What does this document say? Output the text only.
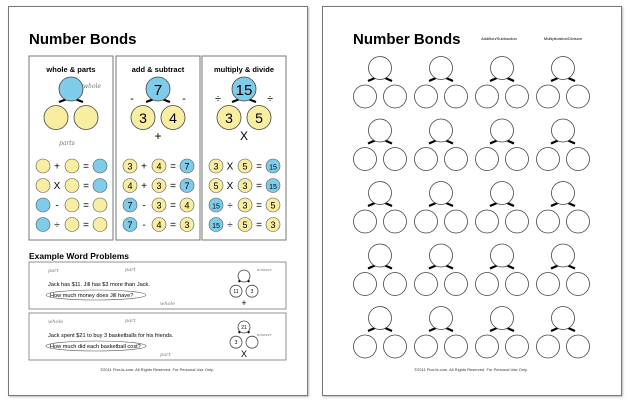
Number Bonds
whole & parts
whole
parts
+ =
X =
- =
÷ =
add & subtract
7
3 4
-	-
+
3 + 4 = 7
4 + 3 = 7
7 - 3 = 4
7 - 4 = 3
multiply & divide
15
3 5
÷	÷
X
3 X 5 = 15
5 X 3 = 15
15 ÷ 3 = 5
15 ÷ 5 = 3
Example Word Problems
part	part
whole
Jack has $11. Jill has $3 more than Jack.
How much money does Jill have?
11 3
+
answer
whole	part
part
Jack spent $21 to buy 3 basketballs for his friends.
How much did each basketball cost?
21
3
X
answer
©2011 FiveJs.com. All Rights Reserved. For Personal Use Only.
Number Bonds	Addition/Subtraction	Multiplication/Division
©2011 FiveJs.com. All Rights Reserved. For Personal Use Only.
